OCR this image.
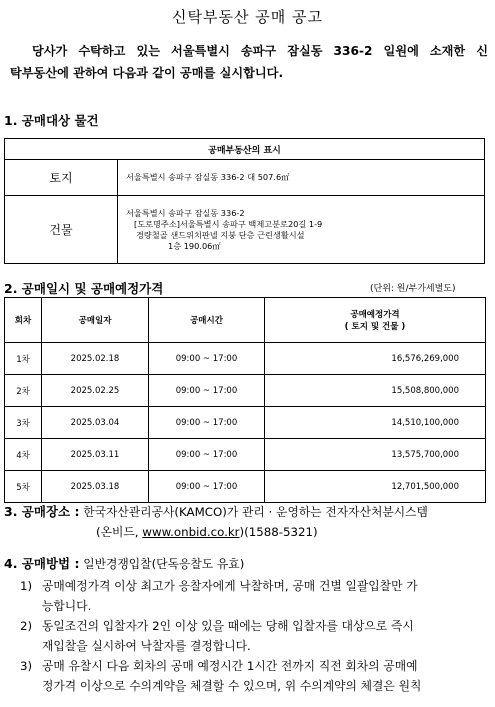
신탁부동산 공매 공고
당사가 수탁하고 있는 서울특별시 송파구 잠실동 336-2 일원에 소재한 신
탁부동산에 관하여 다음과 같이 공매를 실시합니다.
1. 공매대상 물건
공매부동산의 표시	
토지	서울특별시 송파구 잠실동 336-2 대 507.6㎡
건물	서울특별시 송파구 잠실동 336-2
[도로명주소]서울특별시 송파구 백제고분로20길 1-9
경량철골 샌드위치판넬 지붕 단층 근린생활시설
1층 190.06㎡
2. 공매일시 및 공매예정가격	(단위: 원/부가세별도)
회차	공매일자	공매시간	공매예정가격
( 토지 및 건물 )

1차	2025.02.18	09:00 ~ 17:00	16,576,269,000
2차	2025.02.25	09:00 ~ 17:00	15,508,800,000
3차	2025.03.04	09:00 ~ 17:00	14,510,100,000
4차	2025.03.11	09:00 ~ 17:00	13,575,700,000
5차	2025.03.18	09:00 ~ 17:00	12,701,500,000
3. 공매장소 : 한국자산관리공사(KAMCO)가 관리 · 운영하는 전자자산처분시스템
(온비드, www.onbid.co.kr)(1588-5321)
4. 공매방법 : 일반경쟁입찰(단독응찰도 유효)
1) 공매예정가격 이상 최고가 응찰자에게 낙찰하며, 공매 건별 일괄입찰만 가
능합니다.
2) 동일조건의 입찰자가 2인 이상 있을 때에는 당해 입찰자를 대상으로 즉시
재입찰을 실시하여 낙찰자를 결정합니다.
3) 공매 유찰시 다음 회차의 공매 예정시간 1시간 전까지 직전 회차의 공매예
정가격 이상으로 수의계약을 체결할 수 있으며, 위 수의계약의 체결은 원칙
